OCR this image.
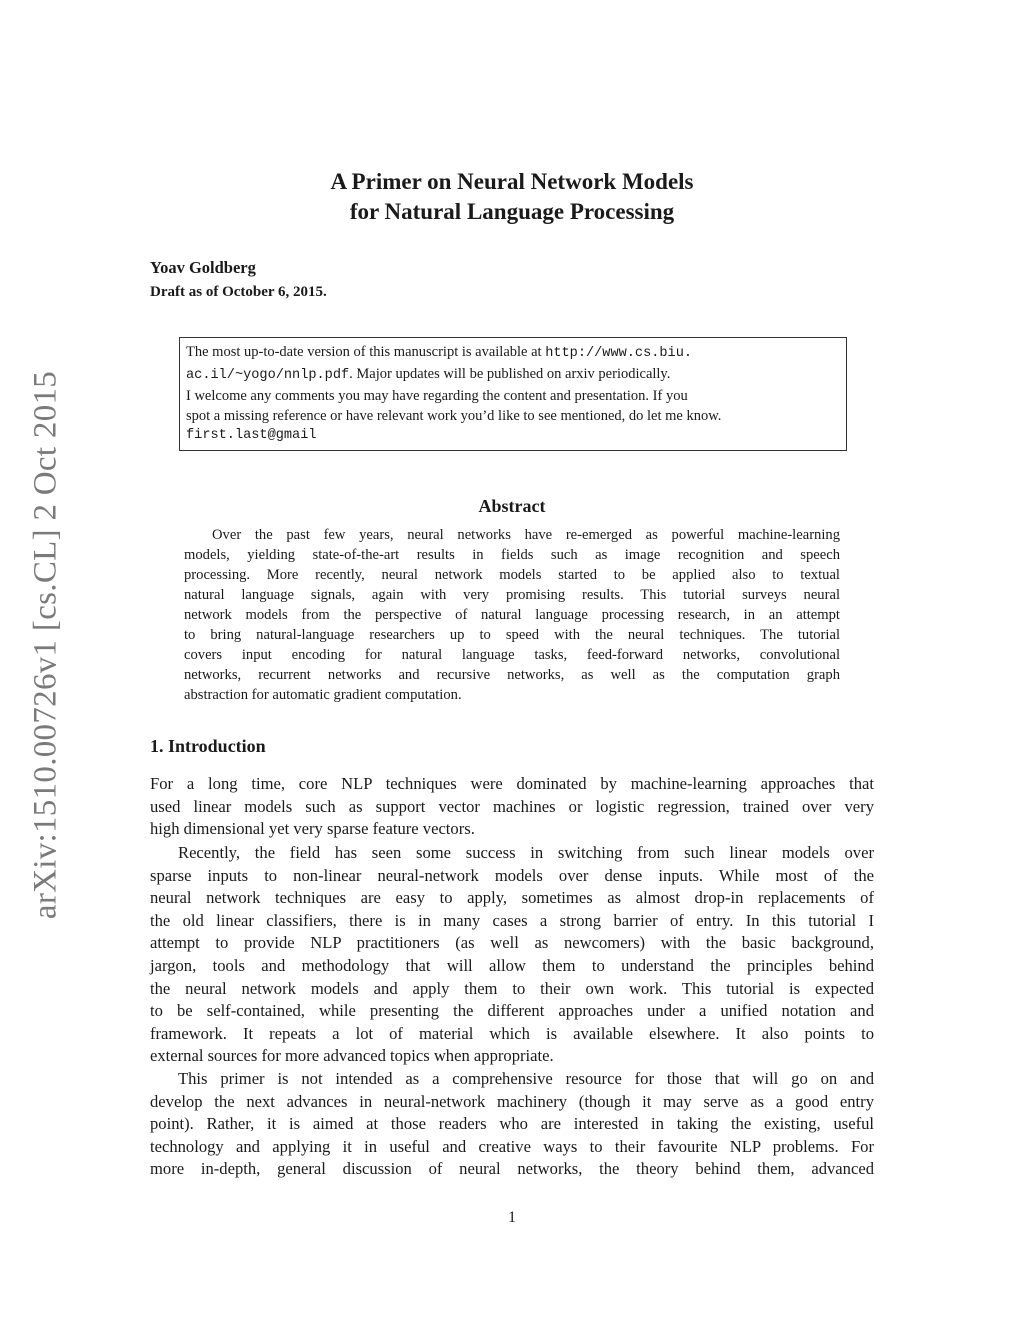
arXiv:1510.00726v1 [cs.CL] 2 Oct 2015
A Primer on Neural Network Models
for Natural Language Processing
Yoav Goldberg
Draft as of October 6, 2015.
The most up-to-date version of this manuscript is available at http://www.cs.biu.
ac.il/~yogo/nnlp.pdf. Major updates will be published on arxiv periodically.
I welcome any comments you may have regarding the content and presentation. If you
spot a missing reference or have relevant work you’d like to see mentioned, do let me know.
first.last@gmail
Abstract
Over the past few years, neural networks have re-emerged as powerful machine-learning
models, yielding state-of-the-art results in fields such as image recognition and speech
processing. More recently, neural network models started to be applied also to textual
natural language signals, again with very promising results. This tutorial surveys neural
network models from the perspective of natural language processing research, in an attempt
to bring natural-language researchers up to speed with the neural techniques. The tutorial
covers input encoding for natural language tasks, feed-forward networks, convolutional
networks, recurrent networks and recursive networks, as well as the computation graph
abstraction for automatic gradient computation.
1. Introduction
For a long time, core NLP techniques were dominated by machine-learning approaches that
used linear models such as support vector machines or logistic regression, trained over very
high dimensional yet very sparse feature vectors.
Recently, the field has seen some success in switching from such linear models over
sparse inputs to non-linear neural-network models over dense inputs. While most of the
neural network techniques are easy to apply, sometimes as almost drop-in replacements of
the old linear classifiers, there is in many cases a strong barrier of entry. In this tutorial I
attempt to provide NLP practitioners (as well as newcomers) with the basic background,
jargon, tools and methodology that will allow them to understand the principles behind
the neural network models and apply them to their own work. This tutorial is expected
to be self-contained, while presenting the different approaches under a unified notation and
framework. It repeats a lot of material which is available elsewhere. It also points to
external sources for more advanced topics when appropriate.
This primer is not intended as a comprehensive resource for those that will go on and
develop the next advances in neural-network machinery (though it may serve as a good entry
point). Rather, it is aimed at those readers who are interested in taking the existing, useful
technology and applying it in useful and creative ways to their favourite NLP problems. For
more in-depth, general discussion of neural networks, the theory behind them, advanced
1
